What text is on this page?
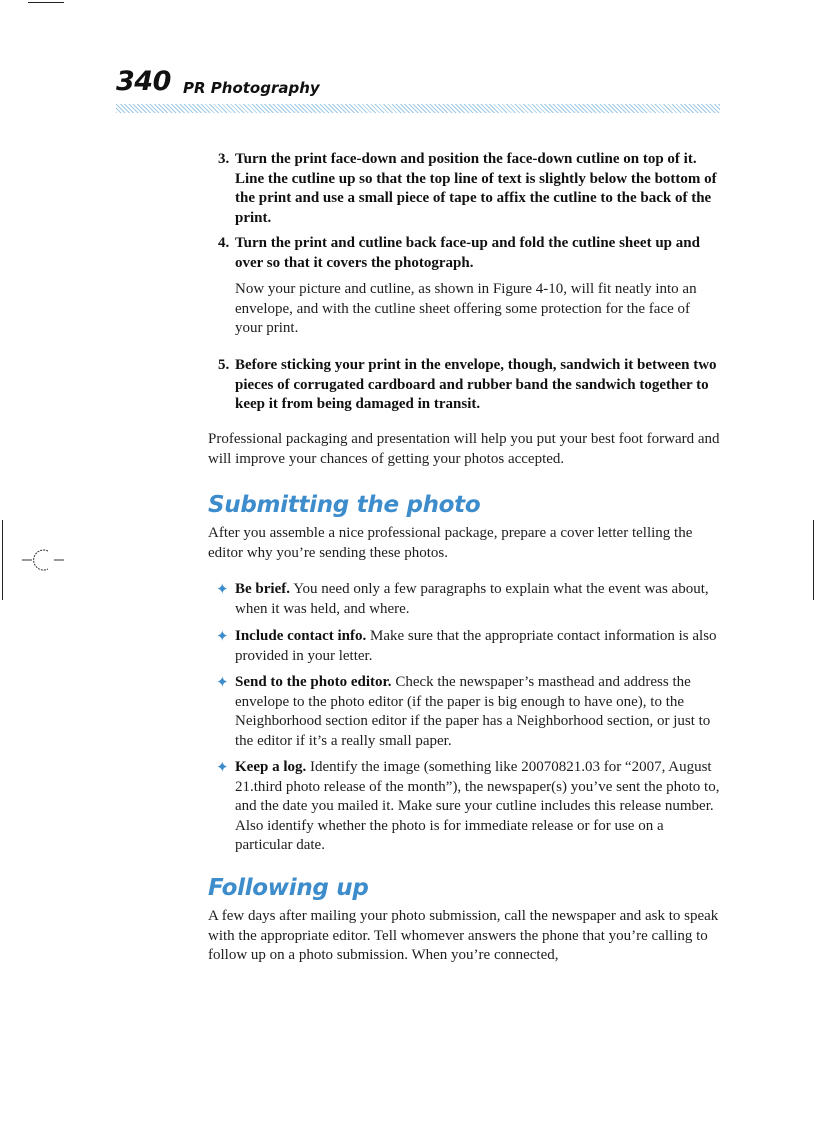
340 PR Photography
3. Turn the print face-down and position the face-down cutline on top of it. Line the cutline up so that the top line of text is slightly below the bottom of the print and use a small piece of tape to affix the cutline to the back of the print.
4. Turn the print and cutline back face-up and fold the cutline sheet up and over so that it covers the photograph.
Now your picture and cutline, as shown in Figure 4-10, will fit neatly into an envelope, and with the cutline sheet offering some protection for the face of your print.
5. Before sticking your print in the envelope, though, sandwich it between two pieces of corrugated cardboard and rubber band the sandwich together to keep it from being damaged in transit.
Professional packaging and presentation will help you put your best foot forward and will improve your chances of getting your photos accepted.
Submitting the photo
After you assemble a nice professional package, prepare a cover letter telling the editor why you’re sending these photos.
✦ Be brief. You need only a few paragraphs to explain what the event was about, when it was held, and where.
✦ Include contact info. Make sure that the appropriate contact information is also provided in your letter.
✦ Send to the photo editor. Check the newspaper’s masthead and address the envelope to the photo editor (if the paper is big enough to have one), to the Neighborhood section editor if the paper has a Neighborhood section, or just to the editor if it’s a really small paper.
✦ Keep a log. Identify the image (something like 20070821.03 for “2007, August 21.third photo release of the month”), the newspaper(s) you’ve sent the photo to, and the date you mailed it. Make sure your cutline includes this release number. Also identify whether the photo is for immediate release or for use on a particular date.
Following up
A few days after mailing your photo submission, call the newspaper and ask to speak with the appropriate editor. Tell whomever answers the phone that you’re calling to follow up on a photo submission. When you’re connected,
